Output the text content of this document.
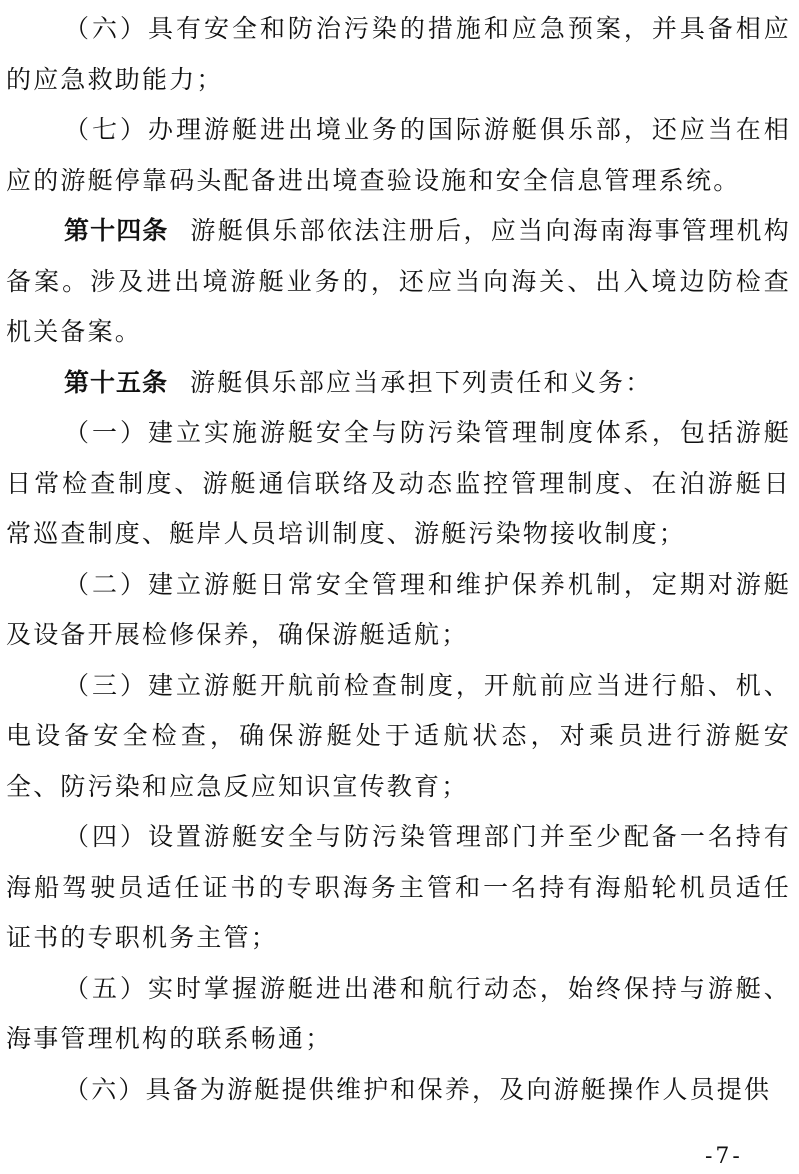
（六）具有安全和防治污染的措施和应急预案，并具备相应的应急救助能力；

（七）办理游艇进出境业务的国际游艇俱乐部，还应当在相应的游艇停靠码头配备进出境查验设施和安全信息管理系统。

第十四条 游艇俱乐部依法注册后，应当向海南海事管理机构备案。涉及进出境游艇业务的，还应当向海关、出入境边防检查机关备案。

第十五条 游艇俱乐部应当承担下列责任和义务：

（一）建立实施游艇安全与防污染管理制度体系，包括游艇日常检查制度、游艇通信联络及动态监控管理制度、在泊游艇日常巡查制度、艇岸人员培训制度、游艇污染物接收制度；

（二）建立游艇日常安全管理和维护保养机制，定期对游艇及设备开展检修保养，确保游艇适航；

（三）建立游艇开航前检查制度，开航前应当进行船、机、电设备安全检查，确保游艇处于适航状态，对乘员进行游艇安全、防污染和应急反应知识宣传教育；

（四）设置游艇安全与防污染管理部门并至少配备一名持有海船驾驶员适任证书的专职海务主管和一名持有海船轮机员适任证书的专职机务主管；

（五）实时掌握游艇进出港和航行动态，始终保持与游艇、海事管理机构的联系畅通；

（六）具备为游艇提供维护和保养，及向游艇操作人员提供

-7-
